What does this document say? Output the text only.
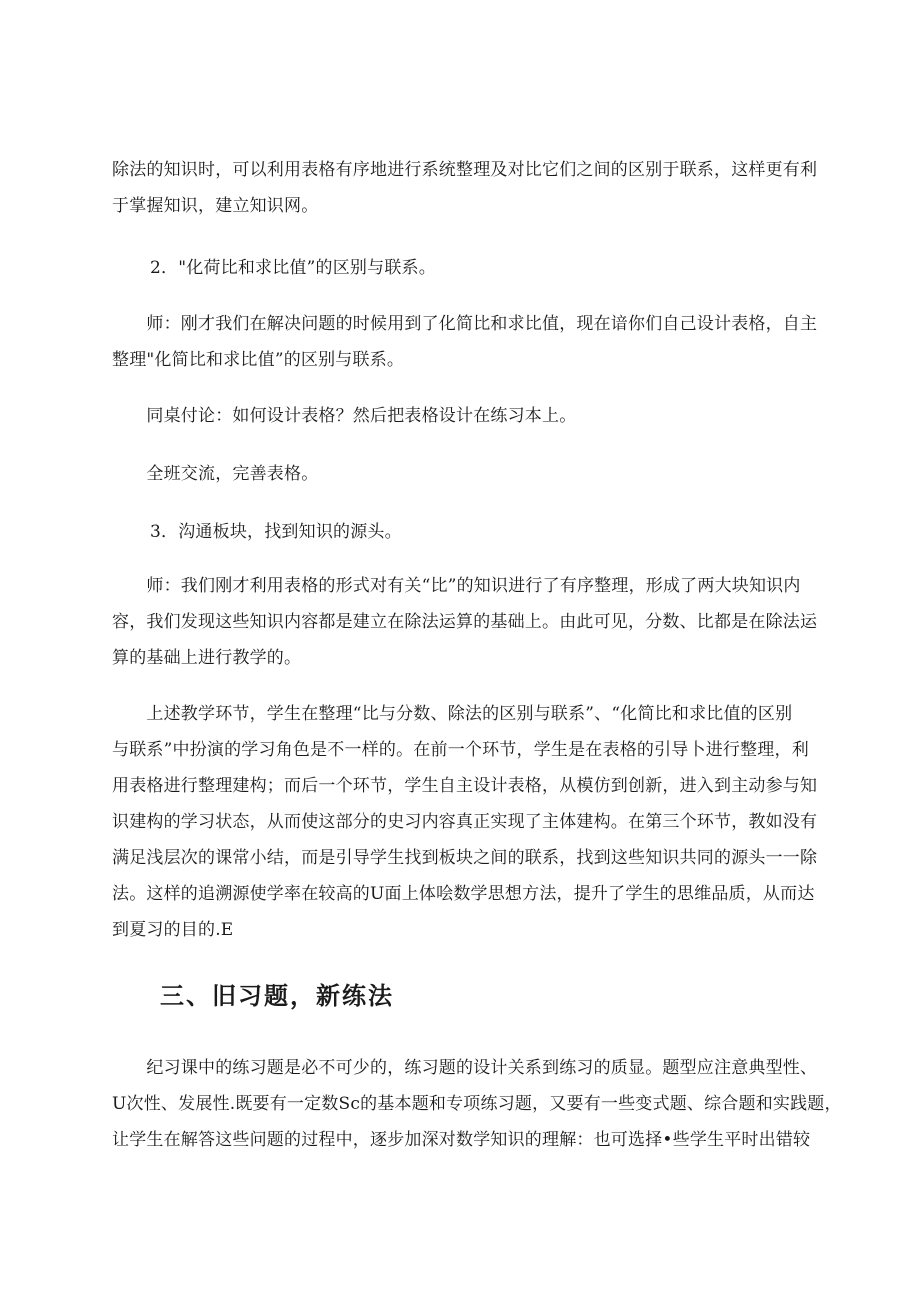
除法的知识时，可以利用表格有序地进行系统整理及对比它们之间的区别于联系，这样更有利
于掌握知识，建立知识网。
2．"化荷比和求比值”的区别与联系。
　　师：刚才我们在解决问题的时候用到了化简比和求比值，现在谙你们自己设计表格，自主
整理"化简比和求比值”的区别与联系。
　　同桌付论：如何设计表格？然后把表格设计在练习本上。
　　全班交流，完善表格。
3．沟通板块，找到知识的源头。
　　师：我们刚才利用表格的形式对有关“比”的知识进行了有序整理，形成了两大块知识内
容，我们发现这些知识内容都是建立在除法运算的基础上。由此可见，分数、比都是在除法运
算的基础上进行教学的。
　　上述教学环节，学生在整理“比与分数、除法的区别与联系”、“化简比和求比值的区别
与联系”中扮演的学习角色是不一样的。在前一个环节，学生是在表格的引导卜进行整理，利
用表格进行整理建构；而后一个环节，学生自主设计表格，从模仿到创新，进入到主动参与知
识建构的学习状态，从而使这部分的史习内容真正实现了主体建构。在第三个环节，教如没有
满足浅层次的课常小结，而是引导学生找到板块之间的联系，找到这些知识共同的源头一一除
法。这样的追溯源使学率在较高的U面上体哙数学思想方法，提升了学生的思维品质，从而达
到夏习的目的.E
三、旧习题，新练法
　　纪习课中的练习题是必不可少的，练习题的设计关系到练习的质显。题型应注意典型性、
U次性、发展性.既要有一定数Sc的基本题和专项练习题，又要有一些变式题、综合题和实践题，
让学生在解答这些问题的过程中，逐步加深对数学知识的理解：也可选择•些学生平时出错较
